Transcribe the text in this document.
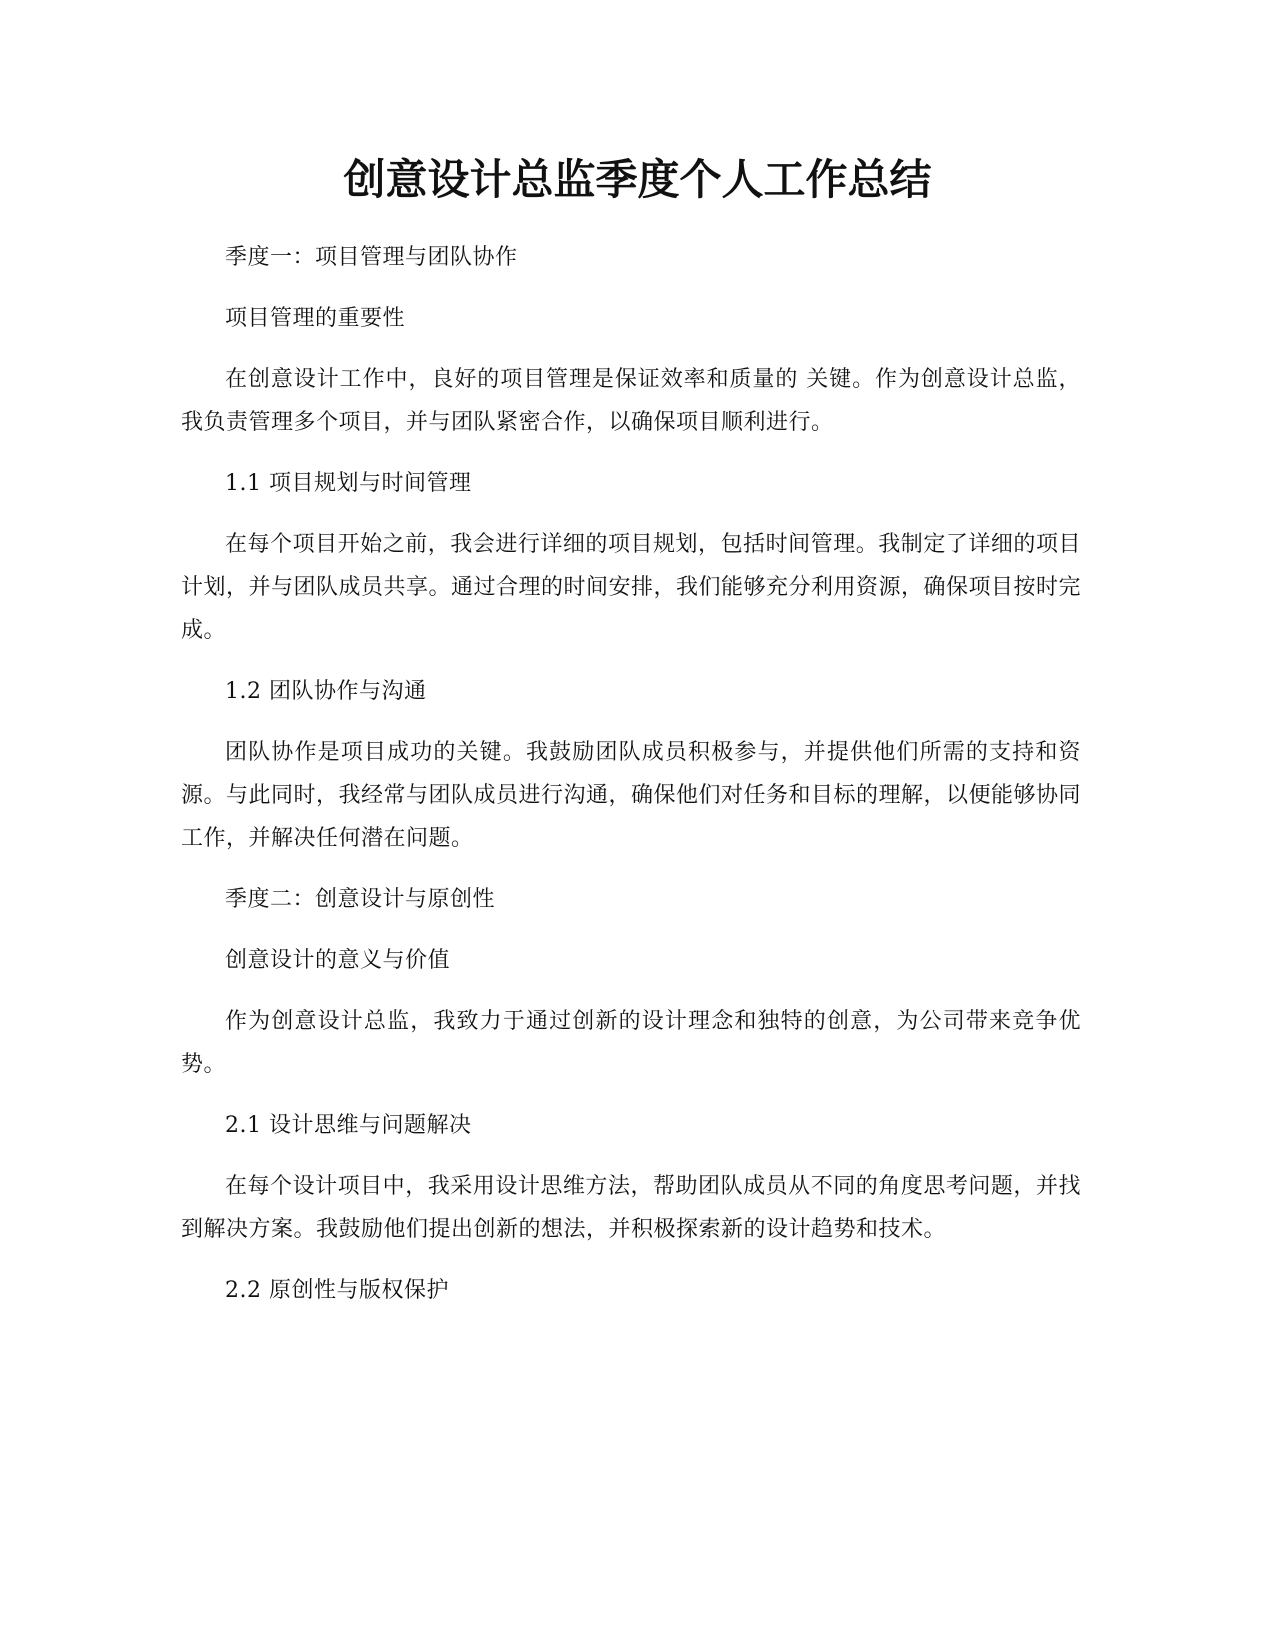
创意设计总监季度个人工作总结

季度一：项目管理与团队协作

项目管理的重要性

在创意设计工作中，良好的项目管理是保证效率和质量的 关键。作为创意设计总监，我负责管理多个项目，并与团队紧密合作，以确保项目顺利进行。

1.1 项目规划与时间管理

在每个项目开始之前，我会进行详细的项目规划，包括时间管理。我制定了详细的项目计划，并与团队成员共享。通过合理的时间安排，我们能够充分利用资源，确保项目按时完成。

1.2 团队协作与沟通

团队协作是项目成功的关键。我鼓励团队成员积极参与，并提供他们所需的支持和资源。与此同时，我经常与团队成员进行沟通，确保他们对任务和目标的理解，以便能够协同工作，并解决任何潜在问题。

季度二：创意设计与原创性

创意设计的意义与价值

作为创意设计总监，我致力于通过创新的设计理念和独特的创意，为公司带来竞争优势。

2.1 设计思维与问题解决

在每个设计项目中，我采用设计思维方法，帮助团队成员从不同的角度思考问题，并找到解决方案。我鼓励他们提出创新的想法，并积极探索新的设计趋势和技术。

2.2 原创性与版权保护
